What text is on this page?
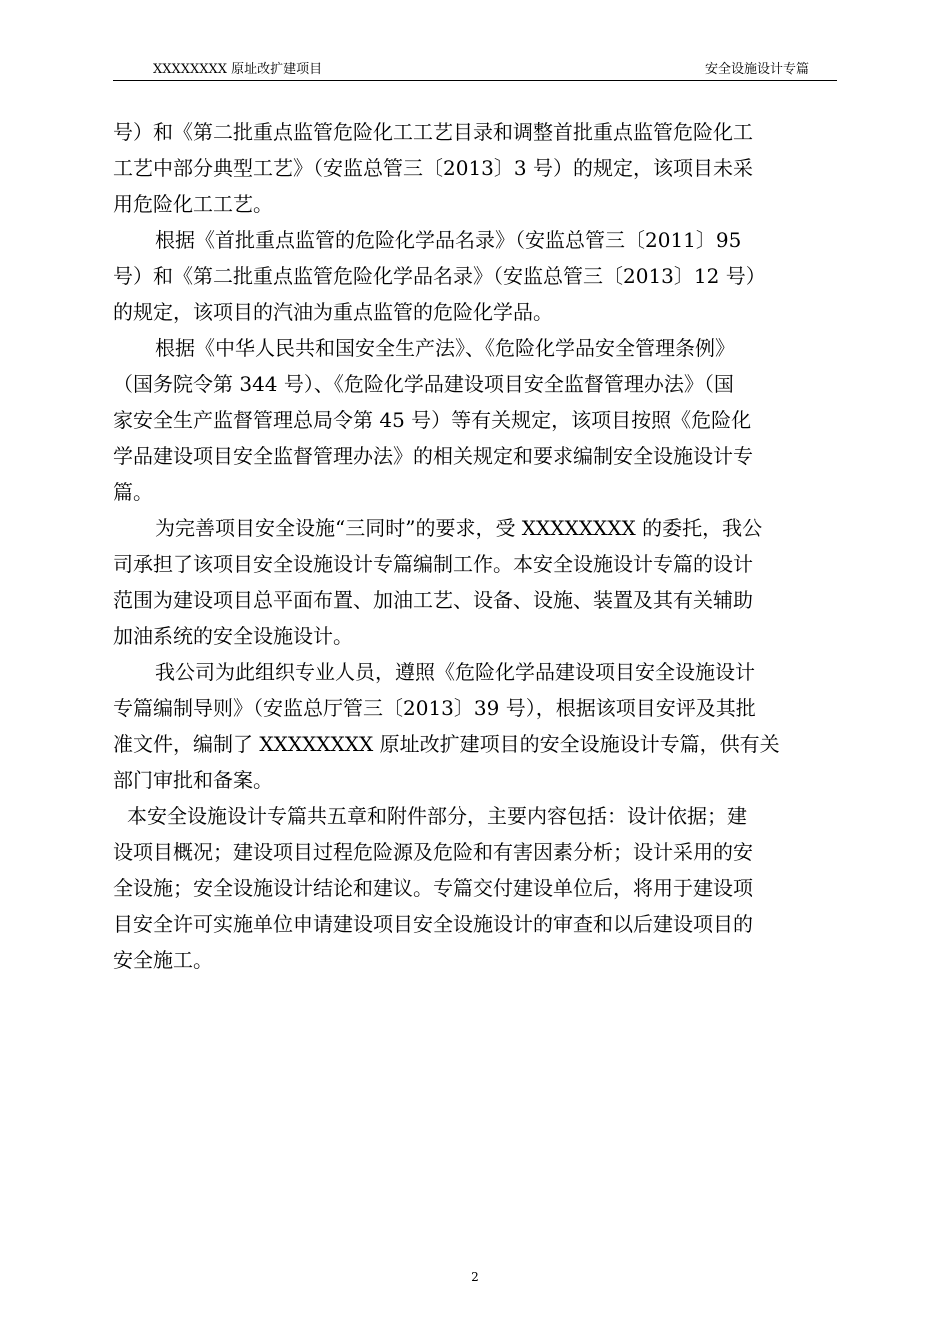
XXXXXXXX 原址改扩建项目	安全设施设计专篇
号）和《第二批重点监管危险化工工艺目录和调整首批重点监管危险化工
工艺中部分典型工艺》（安监总管三〔2013〕3 号）的规定，该项目未采
用危险化工工艺。
根据《首批重点监管的危险化学品名录》（安监总管三〔2011〕95
号）和《第二批重点监管危险化学品名录》（安监总管三〔2013〕12 号）
的规定，该项目的汽油为重点监管的危险化学品。
根据《中华人民共和国安全生产法》、《危险化学品安全管理条例》
（国务院令第 344 号）、《危险化学品建设项目安全监督管理办法》（国
家安全生产监督管理总局令第 45 号）等有关规定，该项目按照《危险化
学品建设项目安全监督管理办法》的相关规定和要求编制安全设施设计专
篇。
为完善项目安全设施“三同时”的要求，受 XXXXXXXX 的委托，我公
司承担了该项目安全设施设计专篇编制工作。本安全设施设计专篇的设计
范围为建设项目总平面布置、加油工艺、设备、设施、装置及其有关辅助
加油系统的安全设施设计。
我公司为此组织专业人员，遵照《危险化学品建设项目安全设施设计
专篇编制导则》（安监总厅管三〔2013〕39 号），根据该项目安评及其批
准文件，编制了 XXXXXXXX 原址改扩建项目的安全设施设计专篇，供有关
部门审批和备案。
本安全设施设计专篇共五章和附件部分，主要内容包括：设计依据；建
设项目概况；建设项目过程危险源及危险和有害因素分析；设计采用的安
全设施；安全设施设计结论和建议。专篇交付建设单位后，将用于建设项
目安全许可实施单位申请建设项目安全设施设计的审查和以后建设项目的
安全施工。
2
